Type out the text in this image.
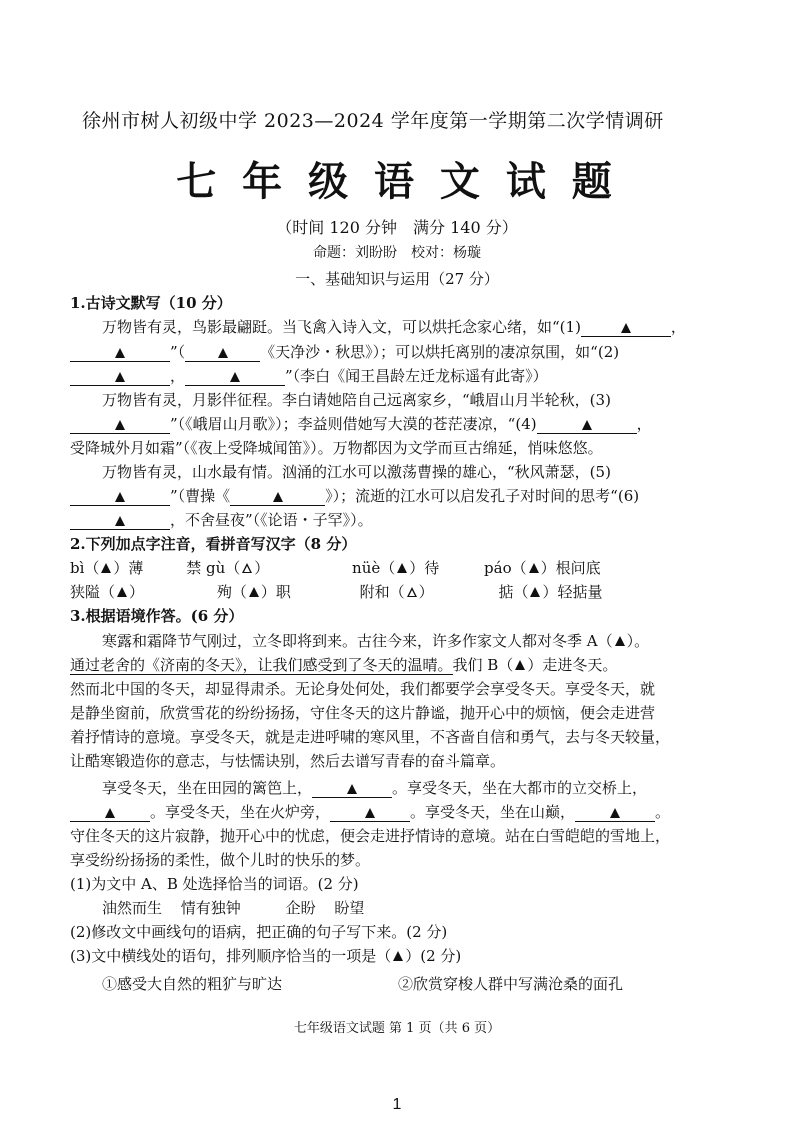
徐州市树人初级中学 2023—2024 学年度第一学期第二次学情调研
七 年 级 语 文 试 题
（时间 120 分钟　满分 140 分）
命题：刘盼盼　校对：杨璇
一、基础知识与运用（27 分）
1.古诗文默写（10 分）
万物皆有灵，鸟影最翩跹。当飞禽入诗入文，可以烘托念家心绪，如“(1)	，
”（	《天净沙・秋思》）；可以烘托离别的凄凉氛围，如“(2)
，	”（李白《闻王昌龄左迁龙标遥有此寄》）
万物皆有灵，月影伴征程。李白请她陪自己远离家乡，“峨眉山月半轮秋，(3)
”（《峨眉山月歌》）；李益则借她写大漠的苍茫凄凉，“(4)	，
受降城外月如霜”（《夜上受降城闻笛》）。万物都因为文学而亘古绵延，悄味悠悠。
万物皆有灵，山水最有情。汹涌的江水可以激荡曹操的雄心，“秋风萧瑟，(5)
”（曹操《	》）；流逝的江水可以启发孔子对时间的思考“(6)
，不舍昼夜”（《论语・子罕》）。
2.下列加点字注音，看拼音写汉字（8 分）
bì（ ）薄	禁 gù（ ）	nüè（ ）待	páo（ ）根问底
狭隘（ ）	殉（ ）职	附和（ ）	掂（ ）轻掂量
3.根据语境作答。(6 分）
寒露和霜降节气刚过，立冬即将到来。古往今来，许多作家文人都对冬季 A（ ）。
通过老舍的《济南的冬天》，让我们感受到了冬天的温晴。我们 B（ ）走进冬天。
然而北中国的冬天，却显得肃杀。无论身处何处，我们都要学会享受冬天。享受冬天，就
是静坐窗前，欣赏雪花的纷纷扬扬，守住冬天的这片静谧，抛开心中的烦恼，便会走进营
着抒情诗的意境。享受冬天，就是走进呼啸的寒风里，不吝啬自信和勇气，去与冬天较量，
让酷寒锻造你的意志，与怯懦诀别，然后去谱写青春的奋斗篇章。
享受冬天，坐在田园的篱笆上，	。享受冬天，坐在大都市的立交桥上，
。享受冬天，坐在火炉旁，	。享受冬天，坐在山巅，	。
守住冬天的这片寂静，抛开心中的忧虑，便会走进抒情诗的意境。站在白雪皑皑的雪地上，
享受纷纷扬扬的柔性，做个儿时的快乐的梦。
(1)为文中 A、B 处选择恰当的词语。(2 分)
油然而生 情有独钟	企盼 盼望
(2)修改文中画线句的语病，把正确的句子写下来。(2 分)
(3)文中横线处的语句，排列顺序恰当的一项是（ ）(2 分)
①感受大自然的粗犷与旷达	②欣赏穿梭人群中写满沧桑的面孔
七年级语文试题 第 1 页（共 6 页）
1
